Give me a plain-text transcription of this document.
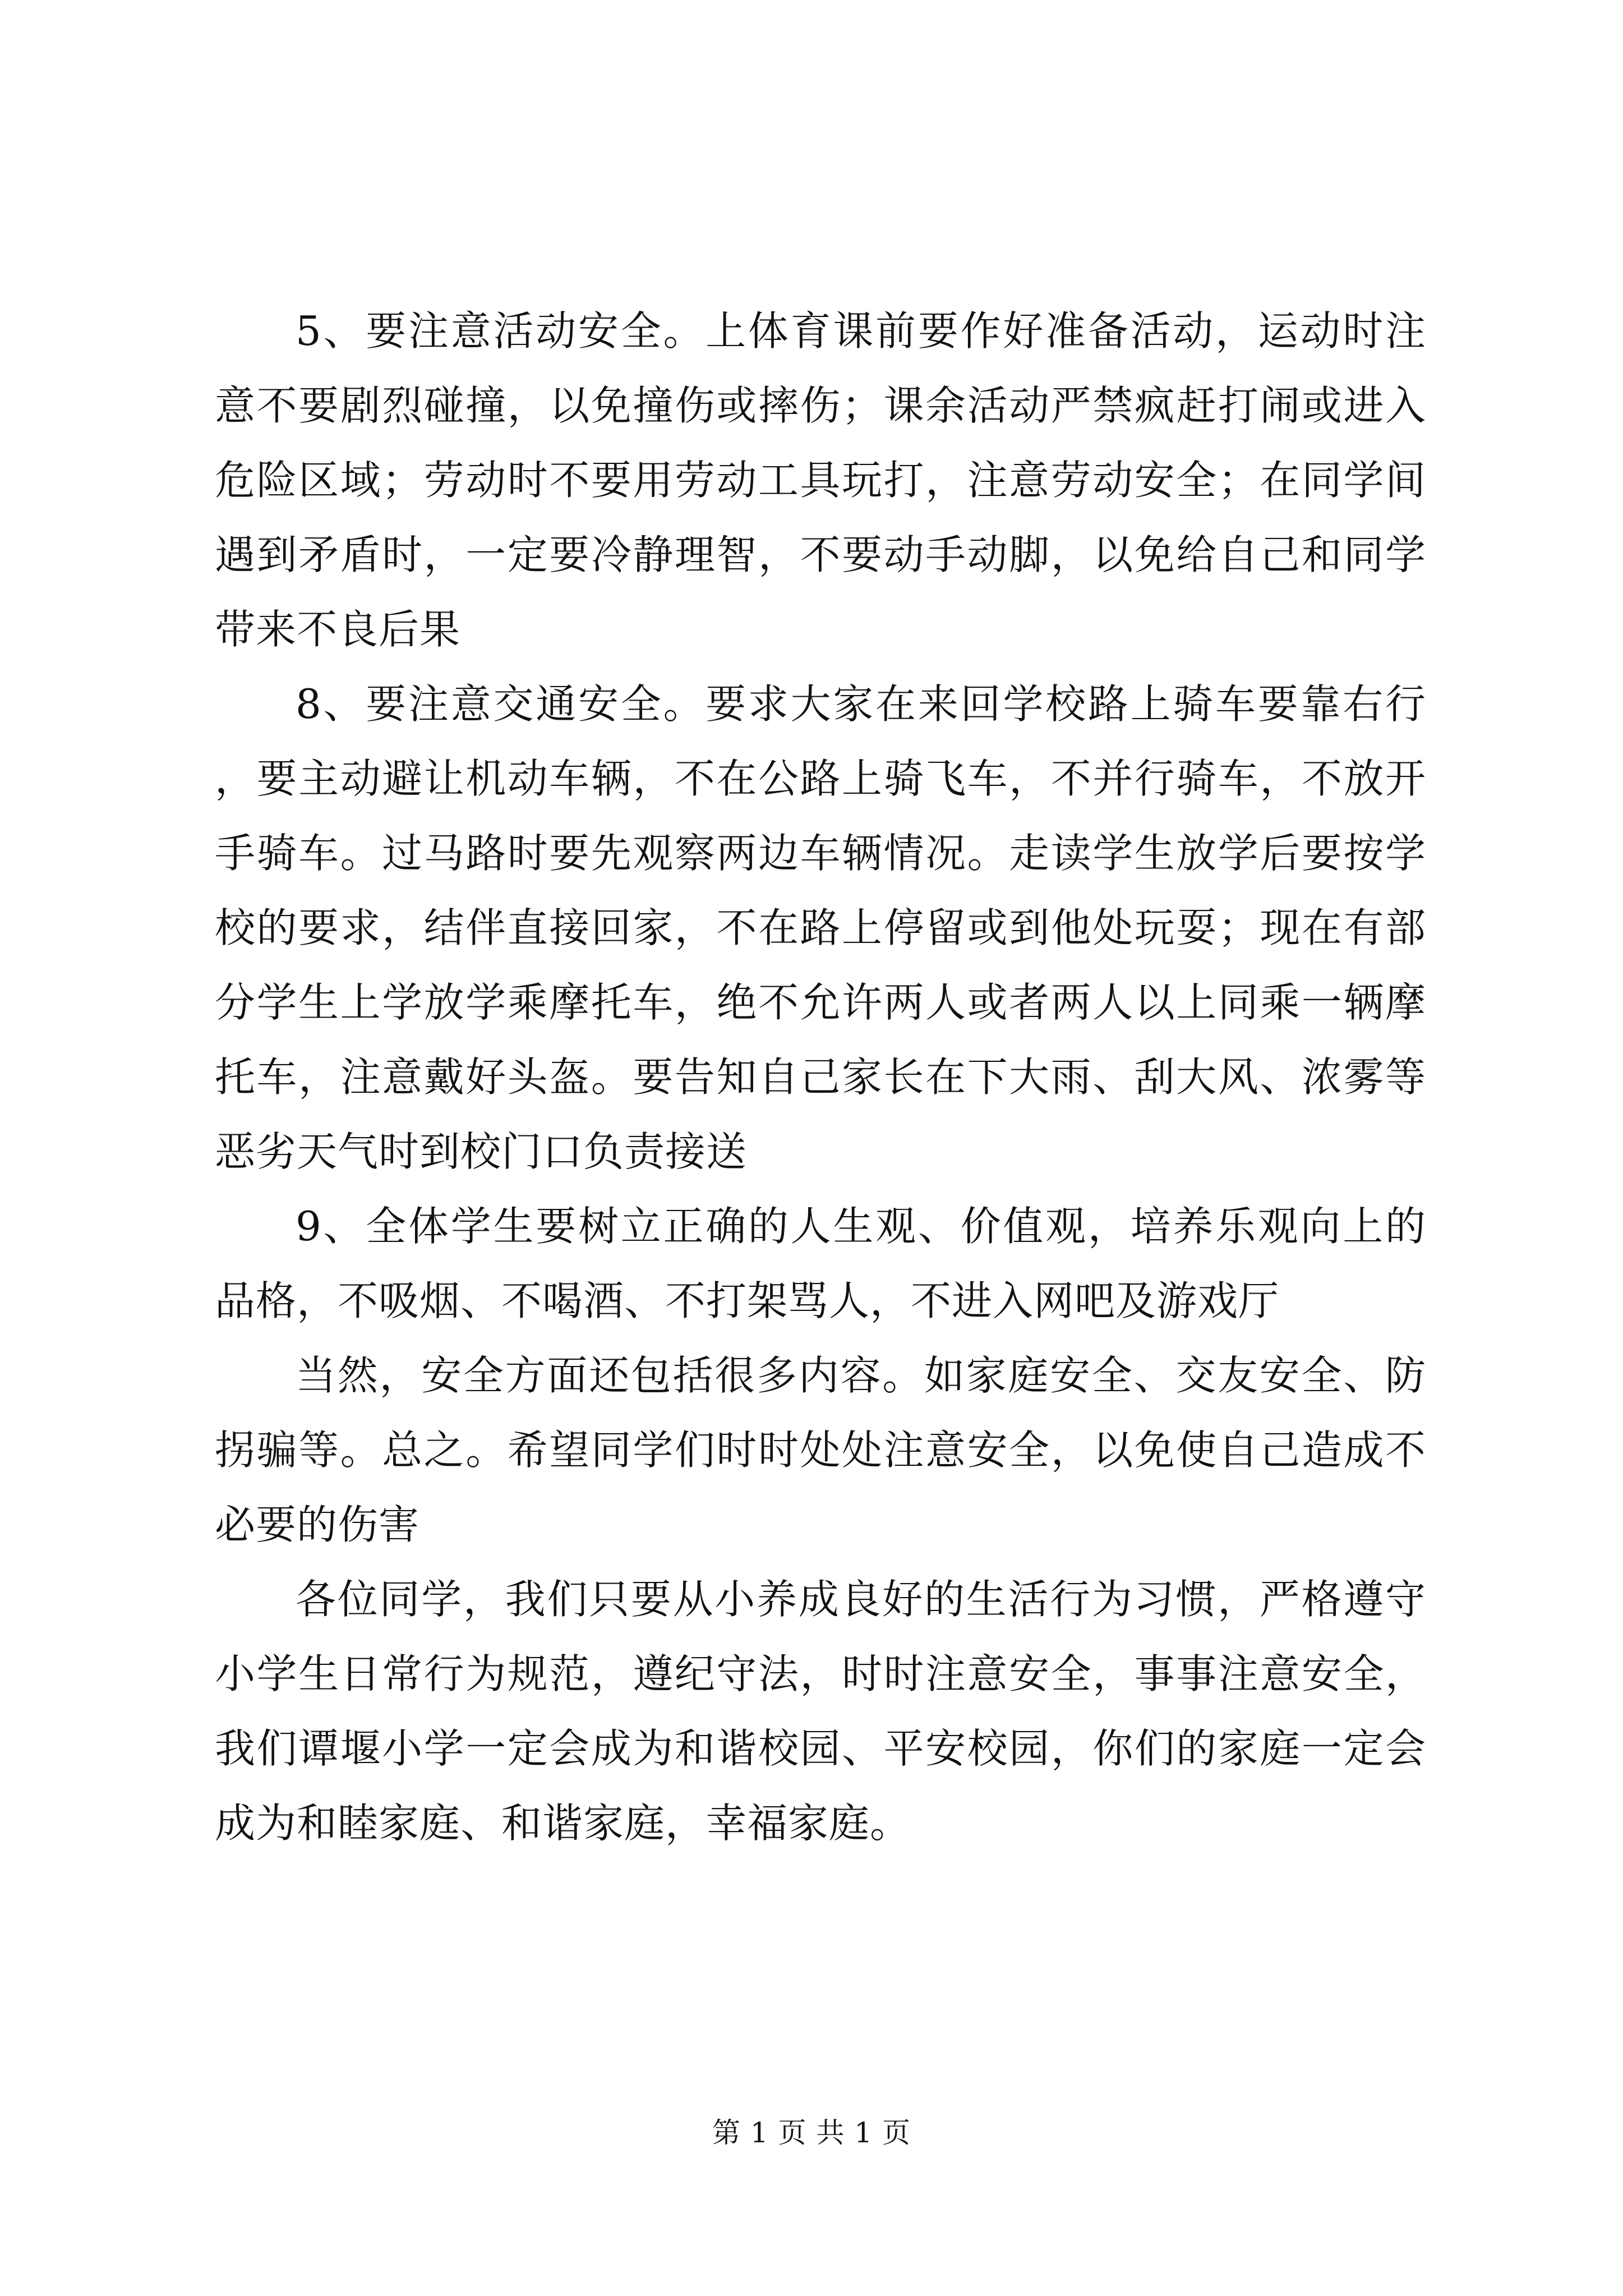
5、要注意活动安全。上体育课前要作好准备活动，运动时注意不要剧烈碰撞，以免撞伤或摔伤；课余活动严禁疯赶打闹或进入危险区域；劳动时不要用劳动工具玩打，注意劳动安全；在同学间遇到矛盾时，一定要冷静理智，不要动手动脚，以免给自己和同学带来不良后果

8、要注意交通安全。要求大家在来回学校路上骑车要靠右行，要主动避让机动车辆，不在公路上骑飞车，不并行骑车，不放开手骑车。过马路时要先观察两边车辆情况。走读学生放学后要按学校的要求，结伴直接回家，不在路上停留或到他处玩耍；现在有部分学生上学放学乘摩托车，绝不允许两人或者两人以上同乘一辆摩托车，注意戴好头盔。要告知自己家长在下大雨、刮大风、浓雾等恶劣天气时到校门口负责接送

9、全体学生要树立正确的人生观、价值观，培养乐观向上的品格，不吸烟、不喝酒、不打架骂人，不进入网吧及游戏厅

当然，安全方面还包括很多内容。如家庭安全、交友安全、防拐骗等。总之。希望同学们时时处处注意安全，以免使自己造成不必要的伤害

各位同学，我们只要从小养成良好的生活行为习惯，严格遵守小学生日常行为规范，遵纪守法，时时注意安全，事事注意安全，我们谭堰小学一定会成为和谐校园、平安校园，你们的家庭一定会成为和睦家庭、和谐家庭，幸福家庭。

第 1 页 共 1 页
